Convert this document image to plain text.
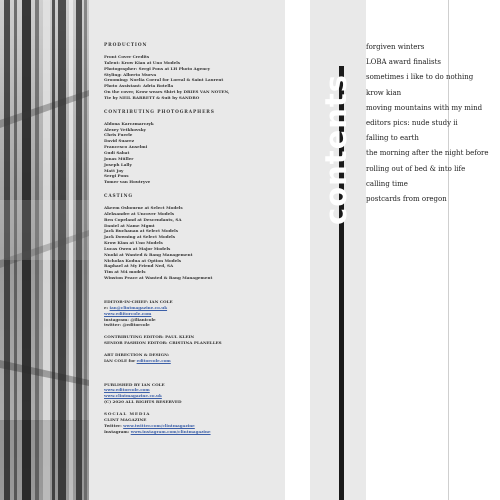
PRODUCTION
Front Cover Credits
Talent: Krow Kian at Uno Models
Photographer: Sergi Pons at LH Photo Agency
Styling: Alberto Murva
Grooming: Noelia Coeral for Loreal & Saint Laurent
Photo Assistant: Adria Botella
On the cover, Krow wears Shirt by DRIES VAN NOTEN,
Tie by NEIL BARRETT & Suit by SANDRO
CONTRIBUTING PHOTOGRAPHERS
Aldona Karczmarczyk
Alexey Vetkhovsky
Chris Fuerle
David Suarez
Francesco Anselmi
Gudi Sabat
Jonas Müller
Joseph Lally
Matt Joy
Sergi Pons
Tomer van Houtryve
CASTING
Akeem Osbourne at Select Models
Aleksandre at Uncover Models
Ben Copeland at Descendants, SA
Daniel at Name Mgmt
Jack Buchanan at Select Models
Jack Downing at Select Models
Krow Kian at Uno Models
Lucas Owen at Major Models
Nnoki at Wanted & Bang Management
Nicholas Kodua at Option Models
Raphael at My Friend Ned, SA
Tim at M4 models
Winston Peace at Wanted & Bang Management
EDITOR-IN-CHIEF: IAN COLE
e: ian@clintmagazine.co.uk
www.ediitorcole.com
instagram: @ilianicole
twitter: @editorcole
CONTRIBUTING EDITOR: PAUL KLEIN
SENIOR FASHION EDITOR: CRISTINA PLANELLES
ART DIRECTION & DESIGN:
IAN COLE for editorcole.com
PUBLISHED BY IAN COLE
www.editorcole.com
www.clintmagazine.co.uk
(C) 2020 ALL RIGHTS RESERVED
SOCIAL MEDIA
CLINT MAGAZINE
Twitter: www.twitter.com/clintmagazine
Instagram: www.instagram.com/clintmagazine
contents
forgiven winters
LOBA award finalists
sometimes i like to do nothing
krow kian
moving mountains with my mind
editors pics: nude study ii
falling to earth
the morning after the night before
rolling out of bed & into life
calling time
postcards from oregon
